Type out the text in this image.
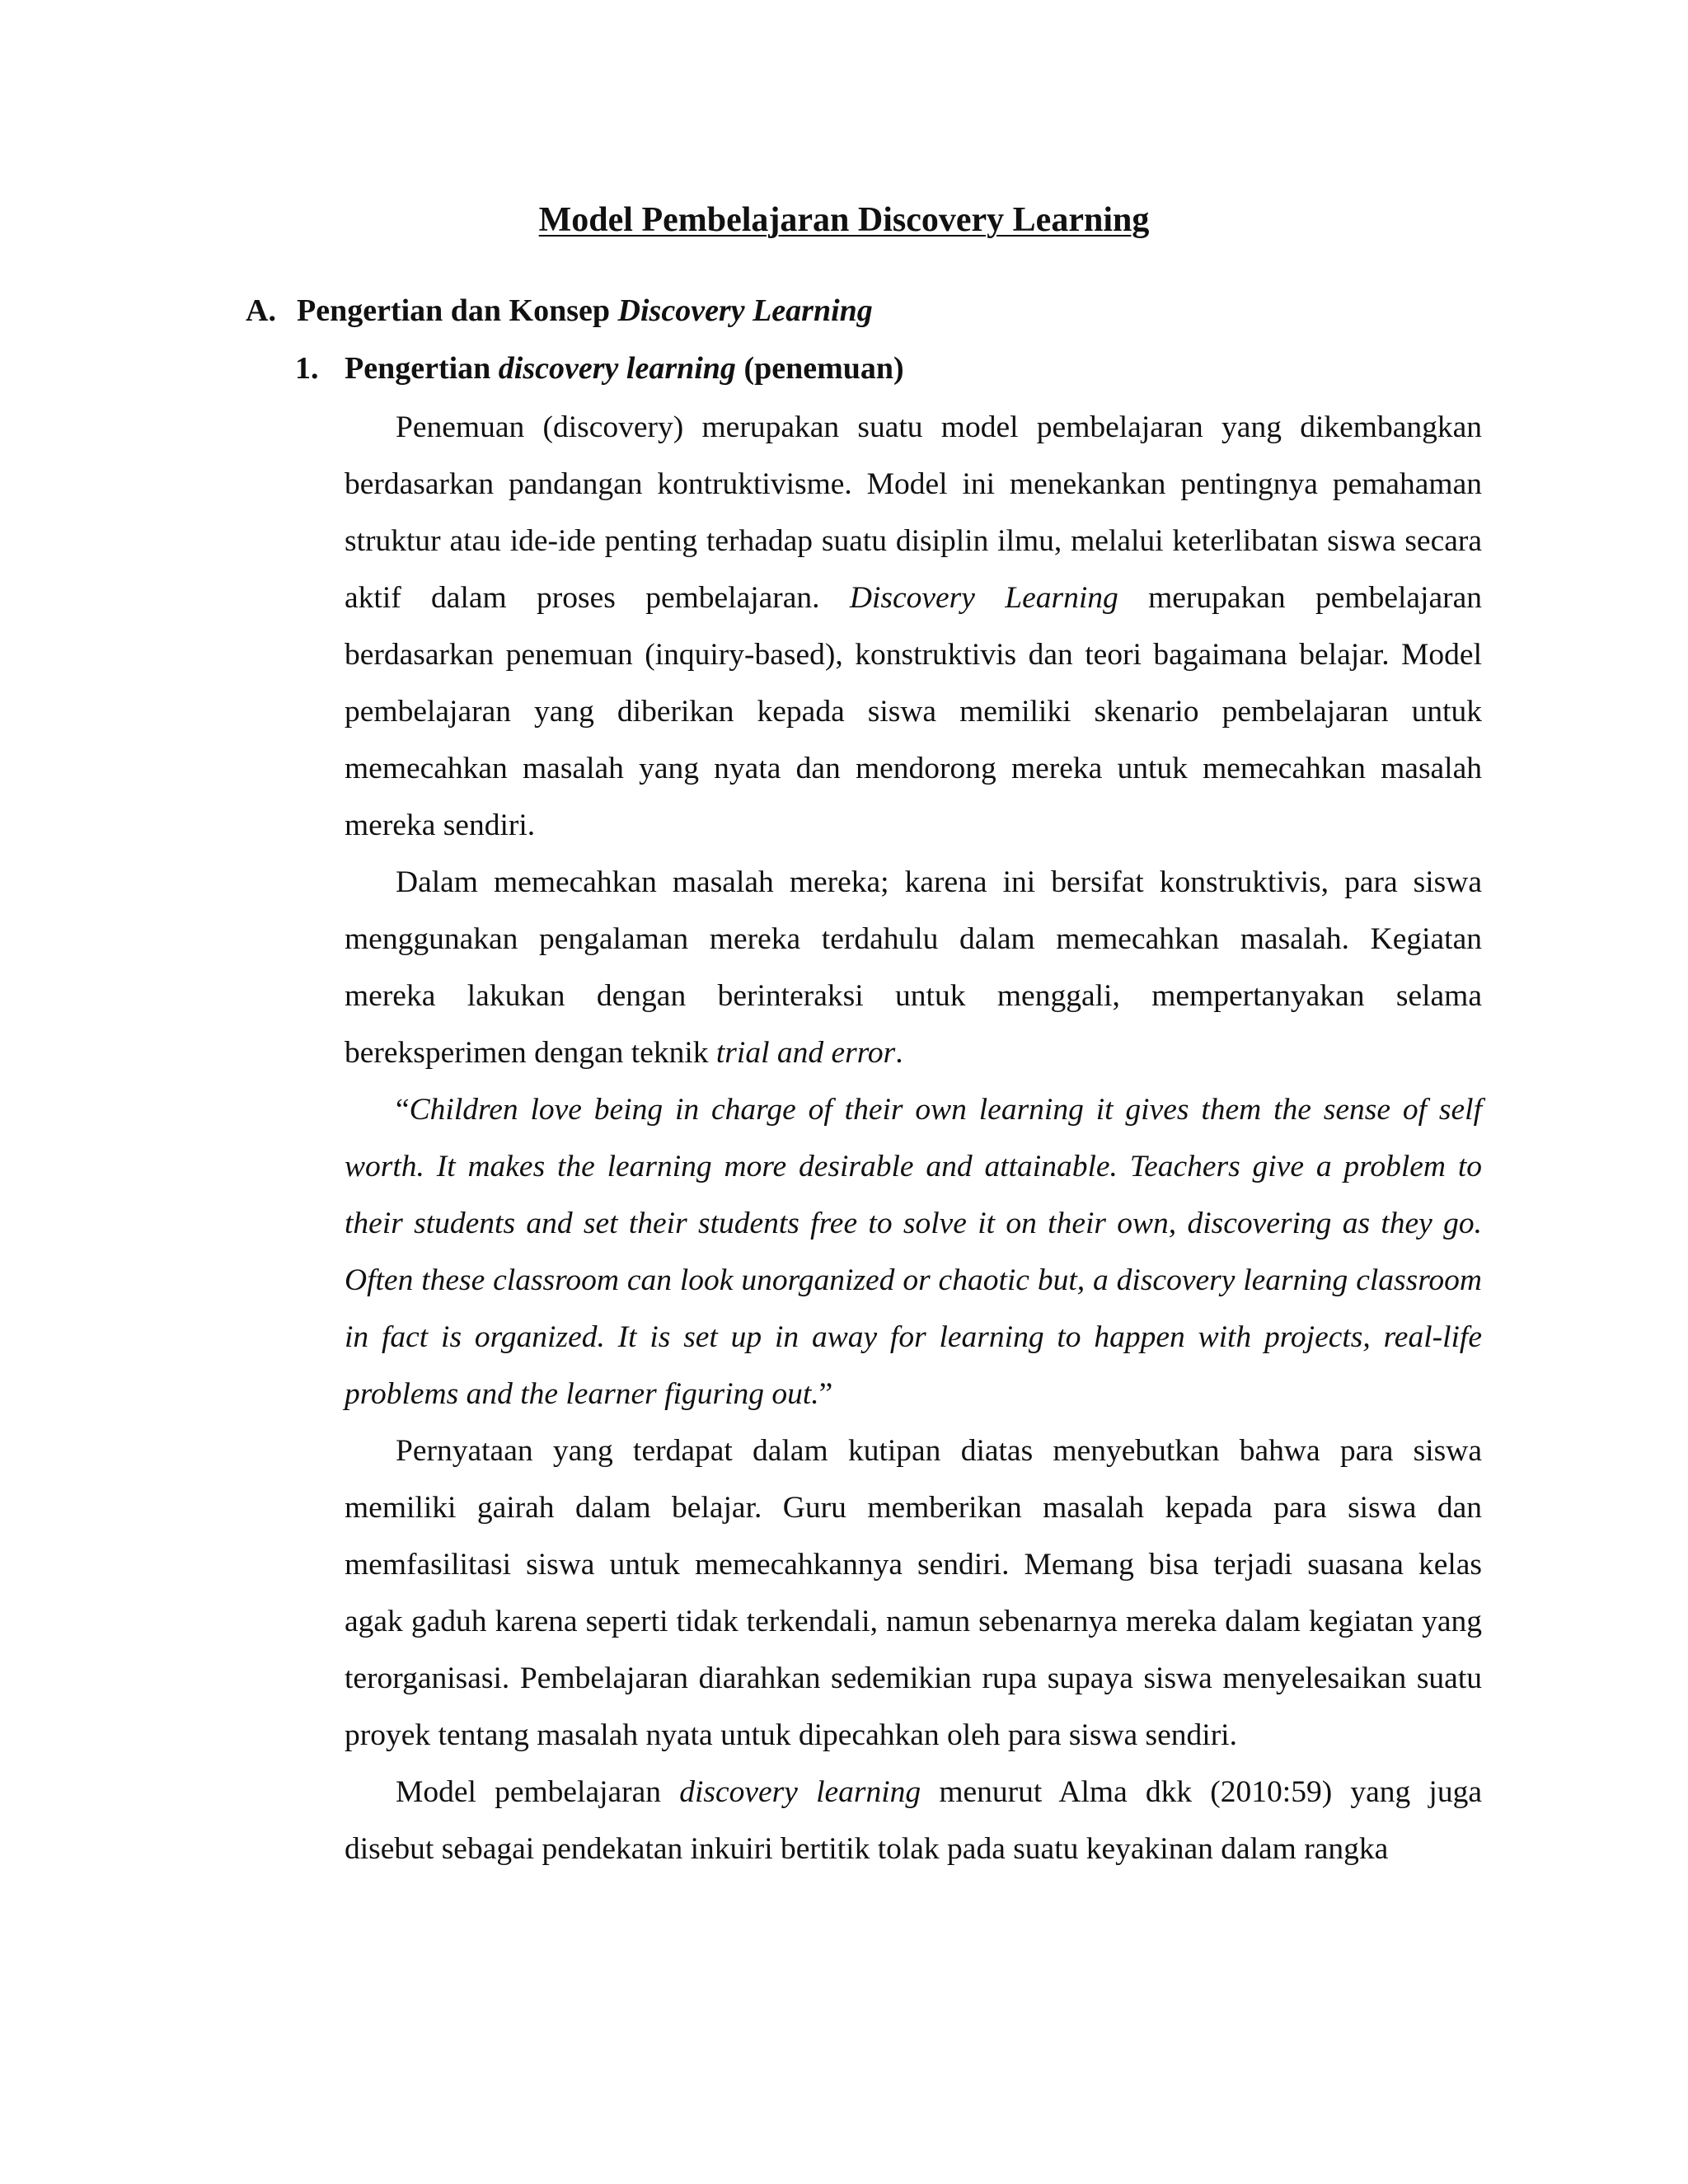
Model Pembelajaran Discovery Learning
A. Pengertian dan Konsep Discovery Learning
1. Pengertian discovery learning (penemuan)

Penemuan (discovery) merupakan suatu model pembelajaran yang dikembangkan berdasarkan pandangan kontruktivisme. Model ini menekankan pentingnya pemahaman struktur atau ide-ide penting terhadap suatu disiplin ilmu, melalui keterlibatan siswa secara aktif dalam proses pembelajaran. Discovery Learning merupakan pembelajaran berdasarkan penemuan (inquiry-based), konstruktivis dan teori bagaimana belajar. Model pembelajaran yang diberikan kepada siswa memiliki skenario pembelajaran untuk memecahkan masalah yang nyata dan mendorong mereka untuk memecahkan masalah mereka sendiri.

Dalam memecahkan masalah mereka; karena ini bersifat konstruktivis, para siswa menggunakan pengalaman mereka terdahulu dalam memecahkan masalah. Kegiatan mereka lakukan dengan berinteraksi untuk menggali, mempertanyakan selama bereksperimen dengan teknik trial and error.

“Children love being in charge of their own learning it gives them the sense of self worth. It makes the learning more desirable and attainable. Teachers give a problem to their students and set their students free to solve it on their own, discovering as they go. Often these classroom can look unorganized or chaotic but, a discovery learning classroom in fact is organized. It is set up in away for learning to happen with projects, real-life problems and the learner figuring out.”

Pernyataan yang terdapat dalam kutipan diatas menyebutkan bahwa para siswa memiliki gairah dalam belajar. Guru memberikan masalah kepada para siswa dan memfasilitasi siswa untuk memecahkannya sendiri. Memang bisa terjadi suasana kelas agak gaduh karena seperti tidak terkendali, namun sebenarnya mereka dalam kegiatan yang terorganisasi. Pembelajaran diarahkan sedemikian rupa supaya siswa menyelesaikan suatu proyek tentang masalah nyata untuk dipecahkan oleh para siswa sendiri.

Model pembelajaran discovery learning menurut Alma dkk (2010:59) yang juga disebut sebagai pendekatan inkuiri bertitik tolak pada suatu keyakinan dalam rangka
